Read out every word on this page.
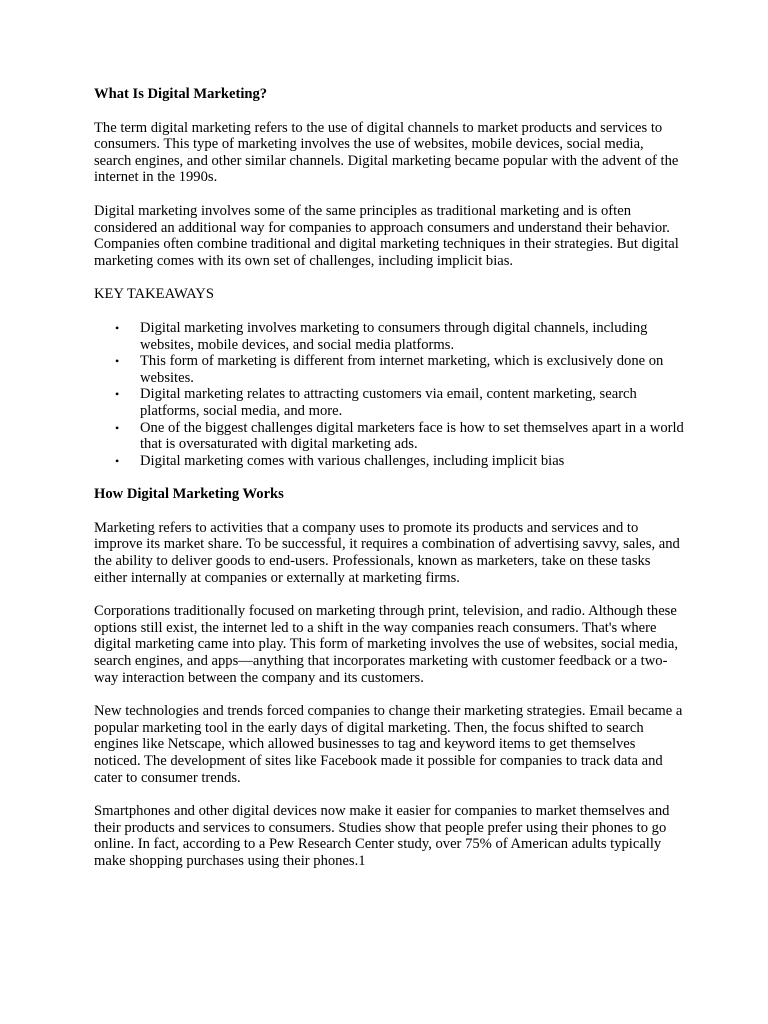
What Is Digital Marketing?

The term digital marketing refers to the use of digital channels to market products and services to consumers. This type of marketing involves the use of websites, mobile devices, social media, search engines, and other similar channels. Digital marketing became popular with the advent of the internet in the 1990s.

Digital marketing involves some of the same principles as traditional marketing and is often considered an additional way for companies to approach consumers and understand their behavior. Companies often combine traditional and digital marketing techniques in their strategies. But digital marketing comes with its own set of challenges, including implicit bias.

KEY TAKEAWAYS

• Digital marketing involves marketing to consumers through digital channels, including websites, mobile devices, and social media platforms.
• This form of marketing is different from internet marketing, which is exclusively done on websites.
• Digital marketing relates to attracting customers via email, content marketing, search platforms, social media, and more.
• One of the biggest challenges digital marketers face is how to set themselves apart in a world that is oversaturated with digital marketing ads.
• Digital marketing comes with various challenges, including implicit bias
How Digital Marketing Works

Marketing refers to activities that a company uses to promote its products and services and to improve its market share. To be successful, it requires a combination of advertising savvy, sales, and the ability to deliver goods to end-users. Professionals, known as marketers, take on these tasks either internally at companies or externally at marketing firms.

Corporations traditionally focused on marketing through print, television, and radio. Although these options still exist, the internet led to a shift in the way companies reach consumers. That's where digital marketing came into play. This form of marketing involves the use of websites, social media, search engines, and apps—anything that incorporates marketing with customer feedback or a two-way interaction between the company and its customers.

New technologies and trends forced companies to change their marketing strategies. Email became a popular marketing tool in the early days of digital marketing. Then, the focus shifted to search engines like Netscape, which allowed businesses to tag and keyword items to get themselves noticed. The development of sites like Facebook made it possible for companies to track data and cater to consumer trends.

Smartphones and other digital devices now make it easier for companies to market themselves and their products and services to consumers. Studies show that people prefer using their phones to go online. In fact, according to a Pew Research Center study, over 75% of American adults typically make shopping purchases using their phones.1
